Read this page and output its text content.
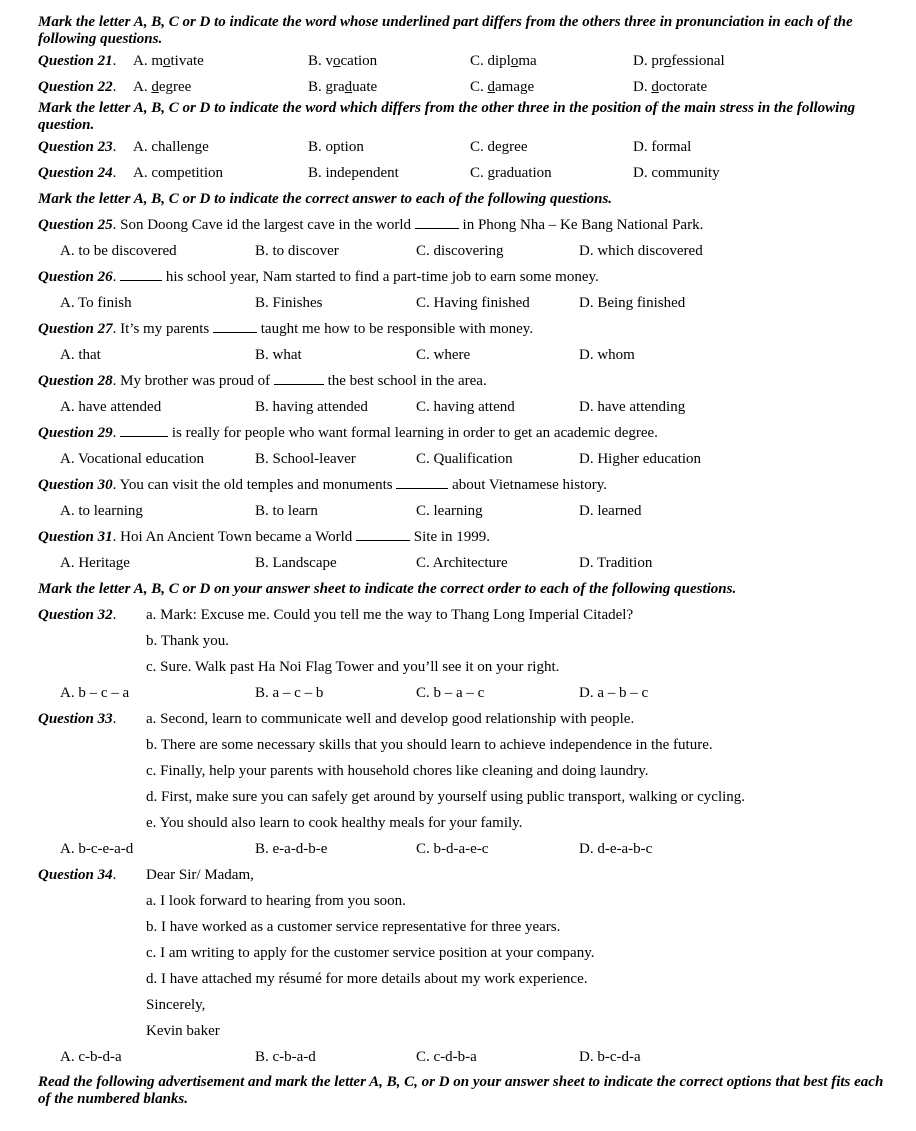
Mark the letter A, B, C or D to indicate the word whose underlined part differs from the others three in pronunciation in each of the following questions.

Question 21. A. motivate	B. vocation	C. diploma	D. professional
Question 22. A. degree	B. graduate	C. damage	D. doctorate

Mark the letter A, B, C or D to indicate the word which differs from the other three in the position of the main stress in the following question.

Question 23. A. challenge	B. option	C. degree	D. formal
Question 24. A. competition	B. independent	C. graduation	D. community
Mark the letter A, B, C or D to indicate the correct answer to each of the following questions.
Question 25. Son Doong Cave id the largest cave in the world	in Phong Nha – Ke Bang National Park.
A. to be discovered	B. to discover	C. discovering	D. which discovered
Question 26.	his school year, Nam started to find a part-time job to earn some money.
A. To finish	B. Finishes	C. Having finished	D. Being finished
Question 27. It’s my parents	taught me how to be responsible with money.
A. that	B. what	C. where	D. whom
Question 28. My brother was proud of	the best school in the area.
A. have attended	B. having attended	C. having attend	D. have attending
Question 29.	is really for people who want formal learning in order to get an academic degree.
A. Vocational education	B. School-leaver	C. Qualification	D. Higher education
Question 30. You can visit the old temples and monuments	about Vietnamese history.
A. to learning	B. to learn	C. learning	D. learned
Question 31. Hoi An Ancient Town became a World	Site in 1999.
A. Heritage	B. Landscape	C. Architecture	D. Tradition
Mark the letter A, B, C or D on your answer sheet to indicate the correct order to each of the following questions.
Question 32. a. Mark: Excuse me. Could you tell me the way to Thang Long Imperial Citadel?
b. Thank you.
c. Sure. Walk past Ha Noi Flag Tower and you’ll see it on your right.
A. b – c – a	B. a – c – b	C. b – a – c	D. a – b – c
Question 33. a. Second, learn to communicate well and develop good relationship with people.
b. There are some necessary skills that you should learn to achieve independence in the future.
c. Finally, help your parents with household chores like cleaning and doing laundry.
d. First, make sure you can safely get around by yourself using public transport, walking or cycling.
e. You should also learn to cook healthy meals for your family.
A. b-c-e-a-d	B. e-a-d-b-e	C. b-d-a-e-c	D. d-e-a-b-c
Question 34. Dear Sir/ Madam,
a. I look forward to hearing from you soon.
b. I have worked as a customer service representative for three years.
c. I am writing to apply for the customer service position at your company.
d. I have attached my résumé for more details about my work experience.
Sincerely,
Kevin baker
A. c-b-d-a	B. c-b-a-d	C. c-d-b-a	D. b-c-d-a

Read the following advertisement and mark the letter A, B, C, or D on your answer sheet to indicate the correct options that best fits each of the numbered blanks.
